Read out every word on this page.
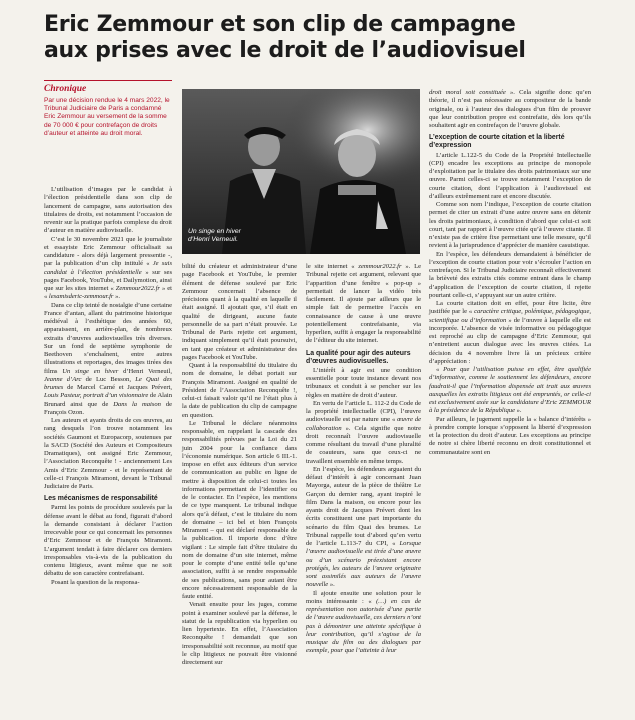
Eric Zemmour et son clip de campagne
aux prises avec le droit de l’audiovisuel
Chronique
Par une décision rendue le 4 mars 2022, le Tribunal Judiciaire de Paris a condamné Eric Zemmour au versement de la somme de 70 000 € pour contrefaçon de droits d’auteur et atteinte au droit moral.
Un singe en hiver
d’Henri Verneuil.

L’utilisation d’images par le candidat à l’élection présidentielle dans son clip de lancement de campagne, sans autorisation des titulaires de droits, est notamment l’occasion de revenir sur la pratique parfois complexe du droit d’auteur en matière audiovisuelle.

C’est le 30 novembre 2021 que le journaliste et essayiste Eric Zemmour officialisait sa candidature - alors déjà largement pressentie -, par la publication d’un clip intitulé « Je suis candidat à l’élection présidentielle » sur ses pages Facebook, YouTube, et Dailymotion, ainsi que sur les sites internet « Zemmour2022.fr » et « lesamisderic-zemmour.fr ».

Dans ce clip teinté de nostalgie d’une certaine France d’antan, allant du patrimoine historique médiéval à l’esthétique des années 60, apparaissent, en arrière-plan, de nombreux extraits d’œuvres audiovisuelles très diverses. Sur un fond de septième symphonie de Beethoven s’enchaînent, entre autres illustrations et reportages, des images tirées des films Un singe en hiver d’Henri Verneuil, Jeanne d’Arc de Luc Besson, Le Quai des brumes de Marcel Carné et Jacques Prévert, Louis Pasteur, portrait d’un visionnaire de Alain Brunard ainsi que de Dans la maison de François Ozon.

Les auteurs et ayants droits de ces œuvres, au rang desquels l’on trouve notamment les sociétés Gaumont et Europacorp, soutenues par la SACD (Société des Auteurs et Compositeurs Dramatiques), ont assigné Eric Zemmour, l’Association Reconquête ! - anciennement Les Amis d’Eric Zemmour - et le représentant de celle-ci François Miramont, devant le Tribunal Judiciaire de Paris.

Les mécanismes de responsabilité

Parmi les points de procédure soulevés par la défense avant le débat au fond, figurait d’abord la demande consistant à déclarer l’action irrecevable pour ce qui concernait les personnes d’Eric Zemmour et de François Miramont. L’argument tendait à faire déclarer ces derniers irresponsables vis-à-vis de la publication du contenu litigieux, avant même que ne soit débattu de son caractère contrefaisant.

Posant la question de la responsa-

bilité du créateur et administrateur d’une page Facebook et YouTube, le premier élément de défense soulevé par Eric Zemmour concernait l’absence de précisions quant à la qualité en laquelle il était assigné. Il ajoutait que, s’il était en qualité de dirigeant, aucune faute personnelle de sa part n’était prouvée. Le Tribunal de Paris rejette cet argument, indiquant simplement qu’il était poursuivi, en tant que créateur et administrateur des pages Facebook et YouTube.

Quant à la responsabilité du titulaire du nom de domaine, le débat portait sur François Miramont. Assigné en qualité de Président de l’Association Reconquête !, celui-ci faisait valoir qu’il ne l’était plus à la date de publication du clip de campagne en question.

Le Tribunal le déclare néanmoins responsable, en rappelant la cascade des responsabilités prévues par la Loi du 21 juin 2004 pour la confiance dans l’économie numérique. Son article 6 III.-1. impose en effet aux éditeurs d’un service de communication au public en ligne de mettre à disposition de celui-ci toutes les informations permettant de l’identifier ou de le contacter. En l’espèce, les mentions de ce type manquent. Le tribunal indique alors qu’à défaut, c’est le titulaire du nom de domaine – ici bel et bien François Miramont – qui est déclaré responsable de la publication. Il importe donc d’être vigilant : Le simple fait d’être titulaire du nom de domaine d’un site internet, même pour le compte d’une entité telle qu’une association, suffit à se rendre responsable de ses publications, sans pour autant être encore nécessairement responsable de la faute entité.

Venait ensuite pour les juges, comme point à examiner soulevé par la défense, le statut de la republication via hyperlien ou lien hypertexte. En effet, l’Association Reconquête ! demandait que son irresponsabilité soit reconnue, au motif que le clip litigieux ne pouvait être visionné directement sur

le site internet « zemmour2022.fr ». Le Tribunal rejette cet argument, relevant que l’apparition d’une fenêtre « pop-up » permettait de lancer la vidéo très facilement. Il ajoute par ailleurs que le simple fait de permettre l’accès en connaissance de cause à une œuvre potentiellement contrefaisante, via hyperlien, suffit à engager la responsabilité de l’éditeur du site internet.

La qualité pour agir des auteurs d’œuvres audiovisuelles.

L’intérêt à agir est une condition essentielle pour toute instance devant nos tribunaux et conduit à se pencher sur les règles en matière de droit d’auteur.

En vertu de l’article L. 112-2 du Code de la propriété intellectuelle (CPI), l’œuvre audiovisuelle est par nature une « œuvre de collaboration ». Cela signifie que notre droit reconnaît l’œuvre audiovisuelle comme résultant du travail d’une pluralité de coauteurs, sans que ceux-ci ne travaillent ensemble en même temps.

En l’espèce, les défendeurs arguaient du défaut d’intérêt à agir concernant Juan Mayorga, auteur de la pièce de théâtre Le Garçon du dernier rang, ayant inspiré le film Dans la maison, ou encore pour les ayants droit de Jacques Prévert dont les écrits constituent une part importante du scénario du film Quai des brumes. Le Tribunal rappelle tout d’abord qu’en vertu de l’article L.113-7 du CPI, « Lorsque l’œuvre audiovisuelle est tirée d’une œuvre ou d’un scénario préexistant encore protégés, les auteurs de l’œuvre originaire sont assimilés aux auteurs de l’œuvre nouvelle ».

Il ajoute ensuite une solution pour le moins intéressante : « (…) en cas de représentation non autorisée d’une partie de l’œuvre audiovisuelle, ces derniers n’ont pas à démontrer une atteinte spécifique à leur contribution, qu’il s’agisse de la musique du film ou des dialogues par exemple, pour que l’atteinte à leur

droit moral soit constituée ». Cela signifie donc qu’en théorie, il n’est pas nécessaire au compositeur de la bande originale, ou à l’auteur des dialogues d’un film de prouver que leur contribution propre est contrefaite, dès lors qu’ils souhaitent agir en contrefaçon de l’œuvre globale.

L’exception de courte citation et la liberté d’expression

L’article L.122-5 du Code de la Propriété Intellectuelle (CPI) encadre les exceptions au principe de monopole d’exploitation par le titulaire des droits patrimoniaux sur une œuvre. Parmi celles-ci se trouve notamment l’exception de courte citation, dont l’application à l’audiovisuel est d’ailleurs extrêmement rare et encore discutée.

Comme son nom l’indique, l’exception de courte citation permet de citer un extrait d’une autre œuvre sans en détenir les droits patrimoniaux, à condition d’abord que celui-ci soit court, tant par rapport à l’œuvre citée qu’à l’œuvre citante. Il n’existe pas de critère fixe permettant une telle mesure, qu’il revient à la jurisprudence d’apprécier de manière casuistique.

En l’espèce, les défendeurs demandaient à bénéficier de l’exception de courte citation pour voir s’écrouler l’action en contrefaçon. Si le Tribunal Judiciaire reconnaît effectivement la brièveté des extraits cités comme entrant dans le champ d’application de l’exception de courte citation, il rejette pourtant celle-ci, s’appuyant sur un autre critère.

La courte citation doit en effet, pour être licite, être justifiée par le « caractère critique, polémique, pédagogique, scientifique ou d’information » de l’œuvre à laquelle elle est incorporée. L’absence de visée informative ou pédagogique est reproché au clip de campagne d’Eric Zemmour, qui n’entretient aucun dialogue avec les œuvres citées. La décision du 4 novembre livre là un précieux critère d’appréciation :

« Pour que l’utilisation puisse en effet, être qualifiée d’informative, comme le soutiennent les défendeurs, encore faudrait-il que l’information dispensée ait trait aux œuvres auxquelles les extraits litigieux ont été empruntés, or celle-ci est exclusivement axée sur la candidature d’Eric ZEMMOUR à la présidence de la République ».

Par ailleurs, le jugement rappelle la « balance d’intérêts » à prendre compte lorsque s’opposent la liberté d’expression et la protection du droit d’auteur. Les exceptions au principe de notre si chère liberté reconnu en droit constitutionnel et communautaire sont en
